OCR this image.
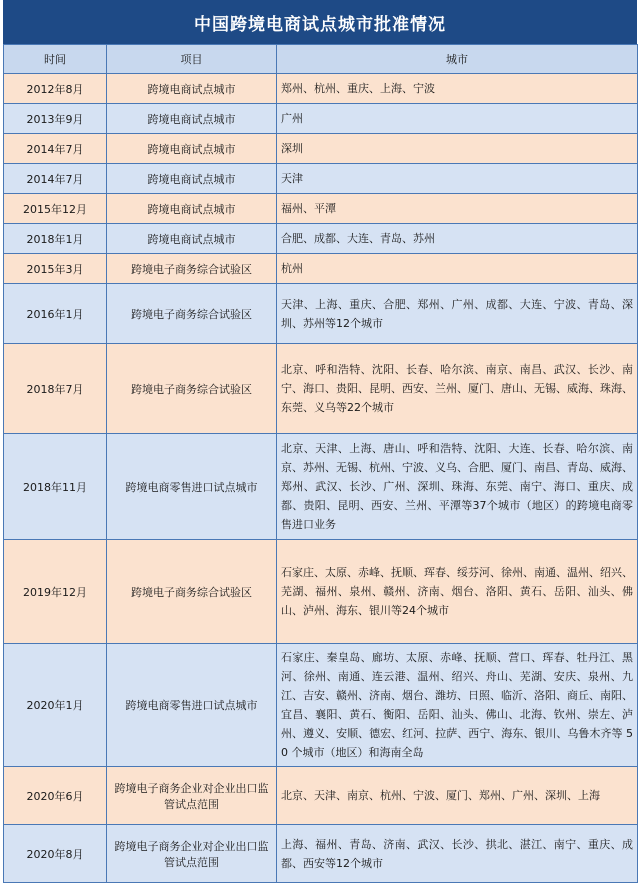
中国跨境电商试点城市批准情况
时间	项目	城市
2012年8月	跨境电商试点城市	郑州、杭州、重庆、上海、宁波
2013年9月	跨境电商试点城市	广州
2014年7月	跨境电商试点城市	深圳
2014年7月	跨境电商试点城市	天津
2015年12月	跨境电商试点城市	福州、平潭
2018年1月	跨境电商试点城市	合肥、成都、大连、青岛、苏州
2015年3月	跨境电子商务综合试验区	杭州
2016年1月	跨境电子商务综合试验区	天津、上海、重庆、合肥、郑州、广州、成都、大连、宁波、青岛、深圳、苏州等12个城市
2018年7月	跨境电子商务综合试验区	北京、呼和浩特、沈阳、长春、哈尔滨、南京、南昌、武汉、长沙、南宁、海口、贵阳、昆明、西安、兰州、厦门、唐山、无锡、威海、珠海、东莞、义乌等22个城市
2018年11月	跨境电商零售进口试点城市	北京、天津、上海、唐山、呼和浩特、沈阳、大连、长春、哈尔滨、南京、苏州、无锡、杭州、宁波、义乌、合肥、厦门、南昌、青岛、威海、郑州、武汉、长沙、广州、深圳、珠海、东莞、南宁、海口、重庆、成都、贵阳、昆明、西安、兰州、平潭等37个城市（地区）的跨境电商零售进口业务
2019年12月	跨境电子商务综合试验区	石家庄、太原、赤峰、抚顺、珲春、绥芬河、徐州、南通、温州、绍兴、芜湖、福州、泉州、赣州、济南、烟台、洛阳、黄石、岳阳、汕头、佛山、泸州、海东、银川等24个城市
2020年1月	跨境电商零售进口试点城市	石家庄、秦皇岛、廊坊、太原、赤峰、抚顺、营口、珲春、牡丹江、黑河、徐州、南通、连云港、温州、绍兴、舟山、芜湖、安庆、泉州、九江、吉安、赣州、济南、烟台、潍坊、日照、临沂、洛阳、商丘、南阳、宜昌、襄阳、黄石、衡阳、岳阳、汕头、佛山、北海、钦州、崇左、泸州、遵义、安顺、德宏、红河、拉萨、西宁、海东、银川、乌鲁木齐等 50 个城市（地区）和海南全岛
2020年6月	跨境电子商务企业对企业出口监管试点范围	北京、天津、南京、杭州、宁波、厦门、郑州、广州、深圳、上海
2020年8月	跨境电子商务企业对企业出口监管试点范围	上海、福州、青岛、济南、武汉、长沙、拱北、湛江、南宁、重庆、成都、西安等12个城市
